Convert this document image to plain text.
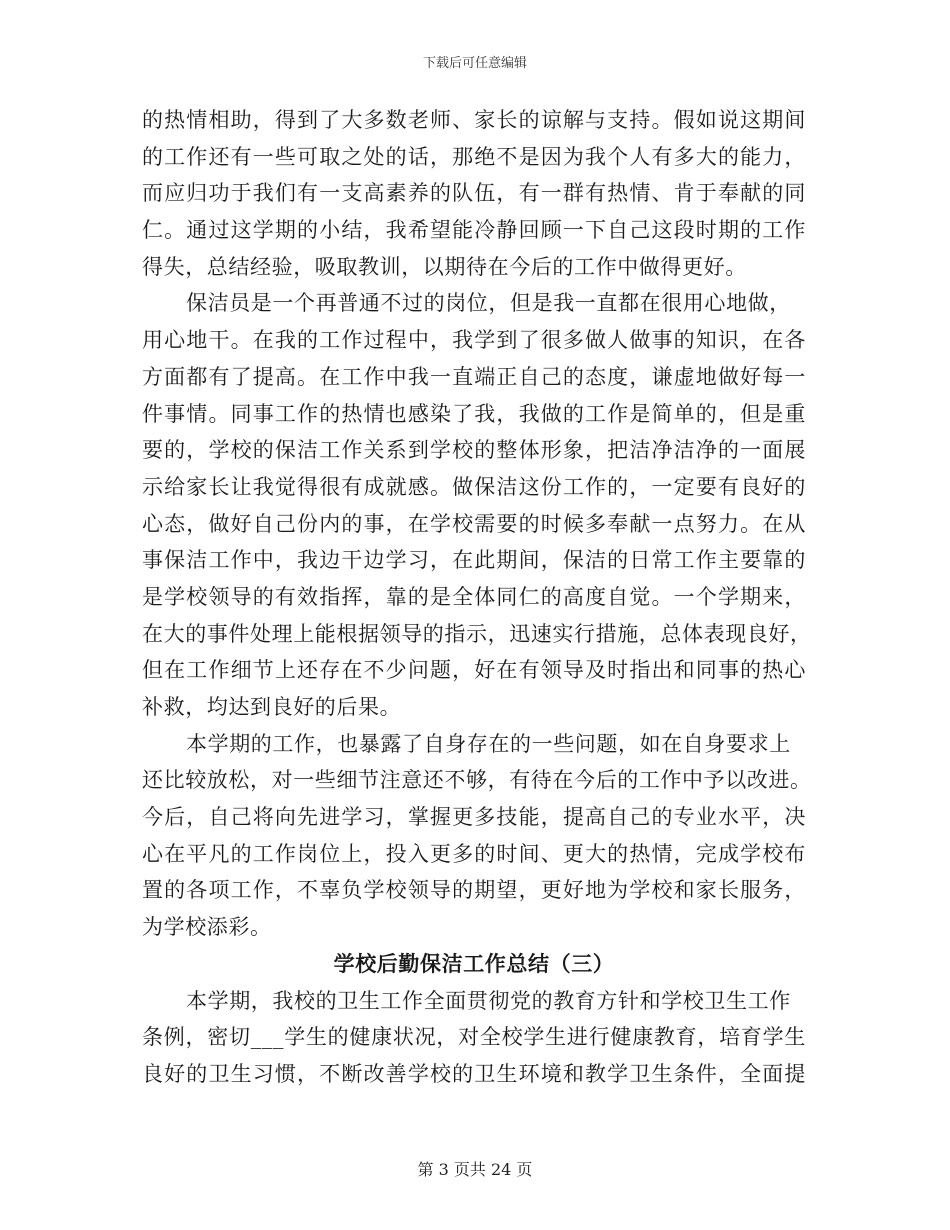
下载后可任意编辑
的热情相助，得到了大多数老师、家长的谅解与支持。假如说这期间
的工作还有一些可取之处的话，那绝不是因为我个人有多大的能力，
而应归功于我们有一支高素养的队伍，有一群有热情、肯于奉献的同
仁。通过这学期的小结，我希望能冷静回顾一下自己这段时期的工作
得失，总结经验，吸取教训，以期待在今后的工作中做得更好。
保洁员是一个再普通不过的岗位，但是我一直都在很用心地做，
用心地干。在我的工作过程中，我学到了很多做人做事的知识，在各
方面都有了提高。在工作中我一直端正自己的态度，谦虚地做好每一
件事情。同事工作的热情也感染了我，我做的工作是简单的，但是重
要的，学校的保洁工作关系到学校的整体形象，把洁净洁净的一面展
示给家长让我觉得很有成就感。做保洁这份工作的，一定要有良好的
心态，做好自己份内的事，在学校需要的时候多奉献一点努力。在从
事保洁工作中，我边干边学习，在此期间，保洁的日常工作主要靠的
是学校领导的有效指挥，靠的是全体同仁的高度自觉。一个学期来，
在大的事件处理上能根据领导的指示，迅速实行措施，总体表现良好，
但在工作细节上还存在不少问题，好在有领导及时指出和同事的热心
补救，均达到良好的后果。
本学期的工作，也暴露了自身存在的一些问题，如在自身要求上
还比较放松，对一些细节注意还不够，有待在今后的工作中予以改进。
今后，自己将向先进学习，掌握更多技能，提高自己的专业水平，决
心在平凡的工作岗位上，投入更多的时间、更大的热情，完成学校布
置的各项工作，不辜负学校领导的期望，更好地为学校和家长服务，
为学校添彩。
学校后勤保洁工作总结（三）
本学期，我校的卫生工作全面贯彻党的教育方针和学校卫生工作
条例，密切___学生的健康状况，对全校学生进行健康教育，培育学生
良好的卫生习惯，不断改善学校的卫生环境和教学卫生条件，全面提
第 3 页共 24 页
